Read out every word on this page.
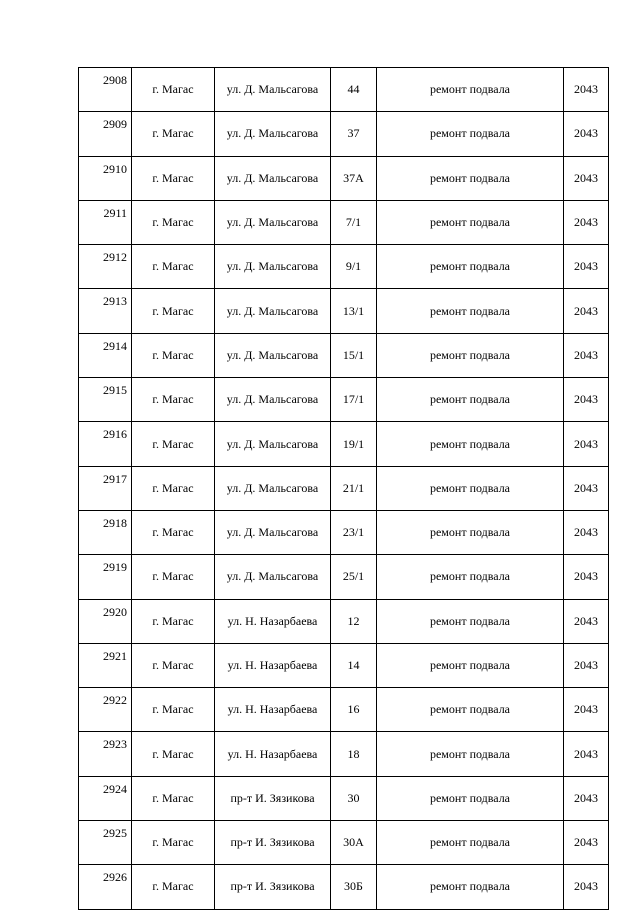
2908	г. Магас	ул. Д. Мальсагова	44	ремонт подвала	2043
2909	г. Магас	ул. Д. Мальсагова	37	ремонт подвала	2043
2910	г. Магас	ул. Д. Мальсагова	37А	ремонт подвала	2043
2911	г. Магас	ул. Д. Мальсагова	7/1	ремонт подвала	2043
2912	г. Магас	ул. Д. Мальсагова	9/1	ремонт подвала	2043
2913	г. Магас	ул. Д. Мальсагова	13/1	ремонт подвала	2043
2914	г. Магас	ул. Д. Мальсагова	15/1	ремонт подвала	2043
2915	г. Магас	ул. Д. Мальсагова	17/1	ремонт подвала	2043
2916	г. Магас	ул. Д. Мальсагова	19/1	ремонт подвала	2043
2917	г. Магас	ул. Д. Мальсагова	21/1	ремонт подвала	2043
2918	г. Магас	ул. Д. Мальсагова	23/1	ремонт подвала	2043
2919	г. Магас	ул. Д. Мальсагова	25/1	ремонт подвала	2043
2920	г. Магас	ул. Н. Назарбаева	12	ремонт подвала	2043
2921	г. Магас	ул. Н. Назарбаева	14	ремонт подвала	2043
2922	г. Магас	ул. Н. Назарбаева	16	ремонт подвала	2043
2923	г. Магас	ул. Н. Назарбаева	18	ремонт подвала	2043
2924	г. Магас	пр-т И. Зязикова	30	ремонт подвала	2043
2925	г. Магас	пр-т И. Зязикова	30А	ремонт подвала	2043
2926	г. Магас	пр-т И. Зязикова	30Б	ремонт подвала	2043
